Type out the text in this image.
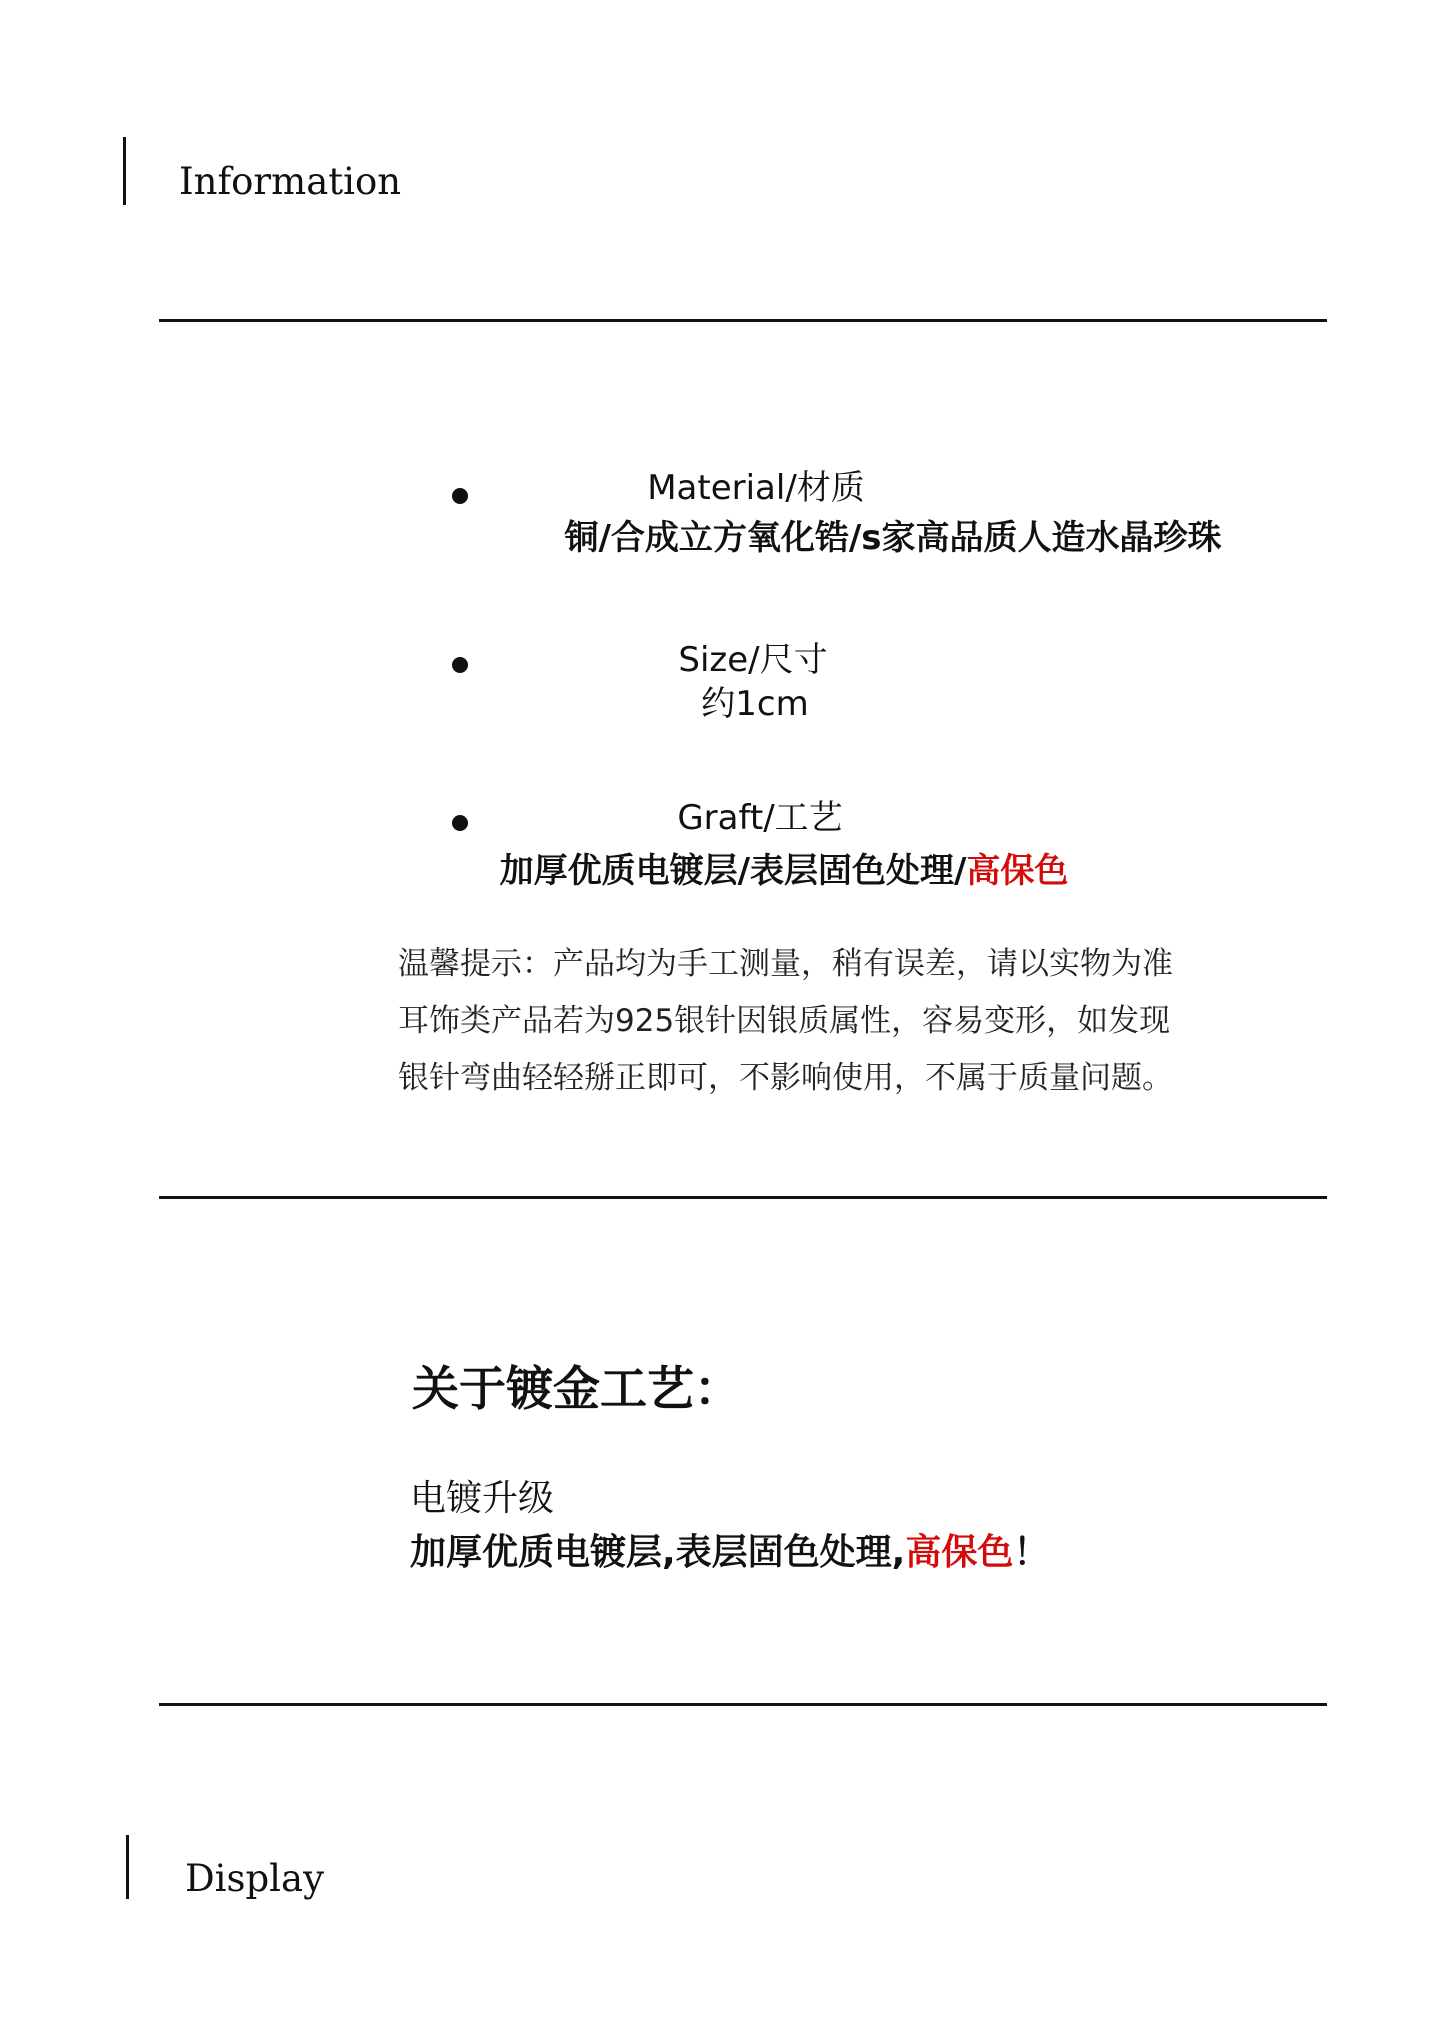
Information
Material/材质
铜/合成立方氧化锆/s家高品质人造水晶珍珠
Size/尺寸
约1cm
Graft/工艺
加厚优质电镀层/表层固色处理/高保色
温馨提示：产品均为手工测量，稍有误差，请以实物为准
耳饰类产品若为925银针因银质属性，容易变形，如发现
银针弯曲轻轻掰正即可，不影响使用，不属于质量问题。
关于镀金工艺：
电镀升级
加厚优质电镀层,表层固色处理,高保色！
Display
